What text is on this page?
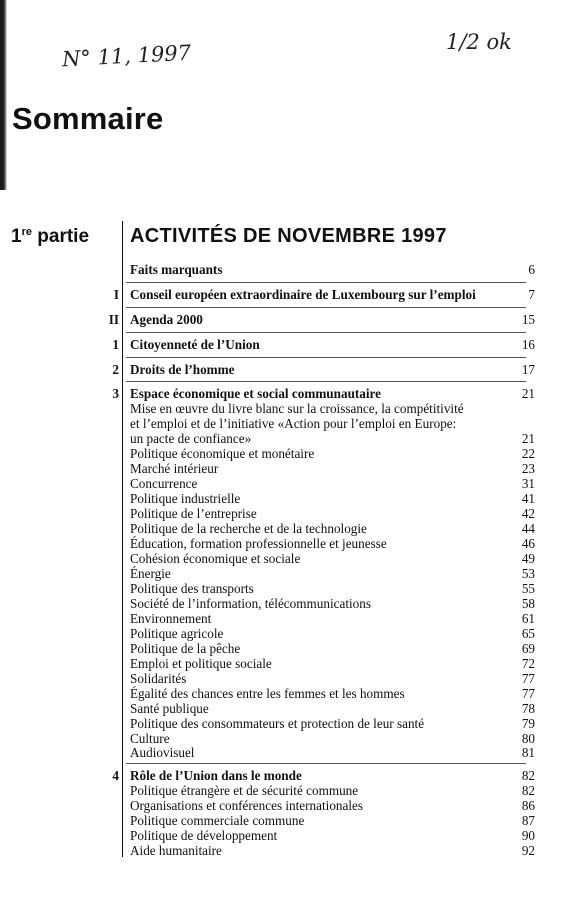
N° 11, 1997	1/2 ok
Sommaire
1re partie ACTIVITÉS DE NOVEMBRE 1997
Faits marquants	6
I Conseil européen extraordinaire de Luxembourg sur l’emploi	7
II Agenda 2000	15
1 Citoyenneté de l’Union	16
2 Droits de l’homme	17
3 Espace économique et social communautaire	21
Mise en œuvre du livre blanc sur la croissance, la compétitivité
et l’emploi et de l’initiative «Action pour l’emploi en Europe:
un pacte de confiance»	21
Politique économique et monétaire	22
Marché intérieur	23
Concurrence	31
Politique industrielle	41
Politique de l’entreprise	42
Politique de la recherche et de la technologie	44
Éducation, formation professionnelle et jeunesse	46
Cohésion économique et sociale	49
Énergie	53
Politique des transports	55
Société de l’information, télécommunications	58
Environnement	61
Politique agricole	65
Politique de la pêche	69
Emploi et politique sociale	72
Solidarités	77
Égalité des chances entre les femmes et les hommes	77
Santé publique	78
Politique des consommateurs et protection de leur santé	79
Culture	80
Audiovisuel	81
4 Rôle de l’Union dans le monde	82
Politique étrangère et de sécurité commune	82
Organisations et conférences internationales	86
Politique commerciale commune	87
Politique de développement	90
Aide humanitaire	92
